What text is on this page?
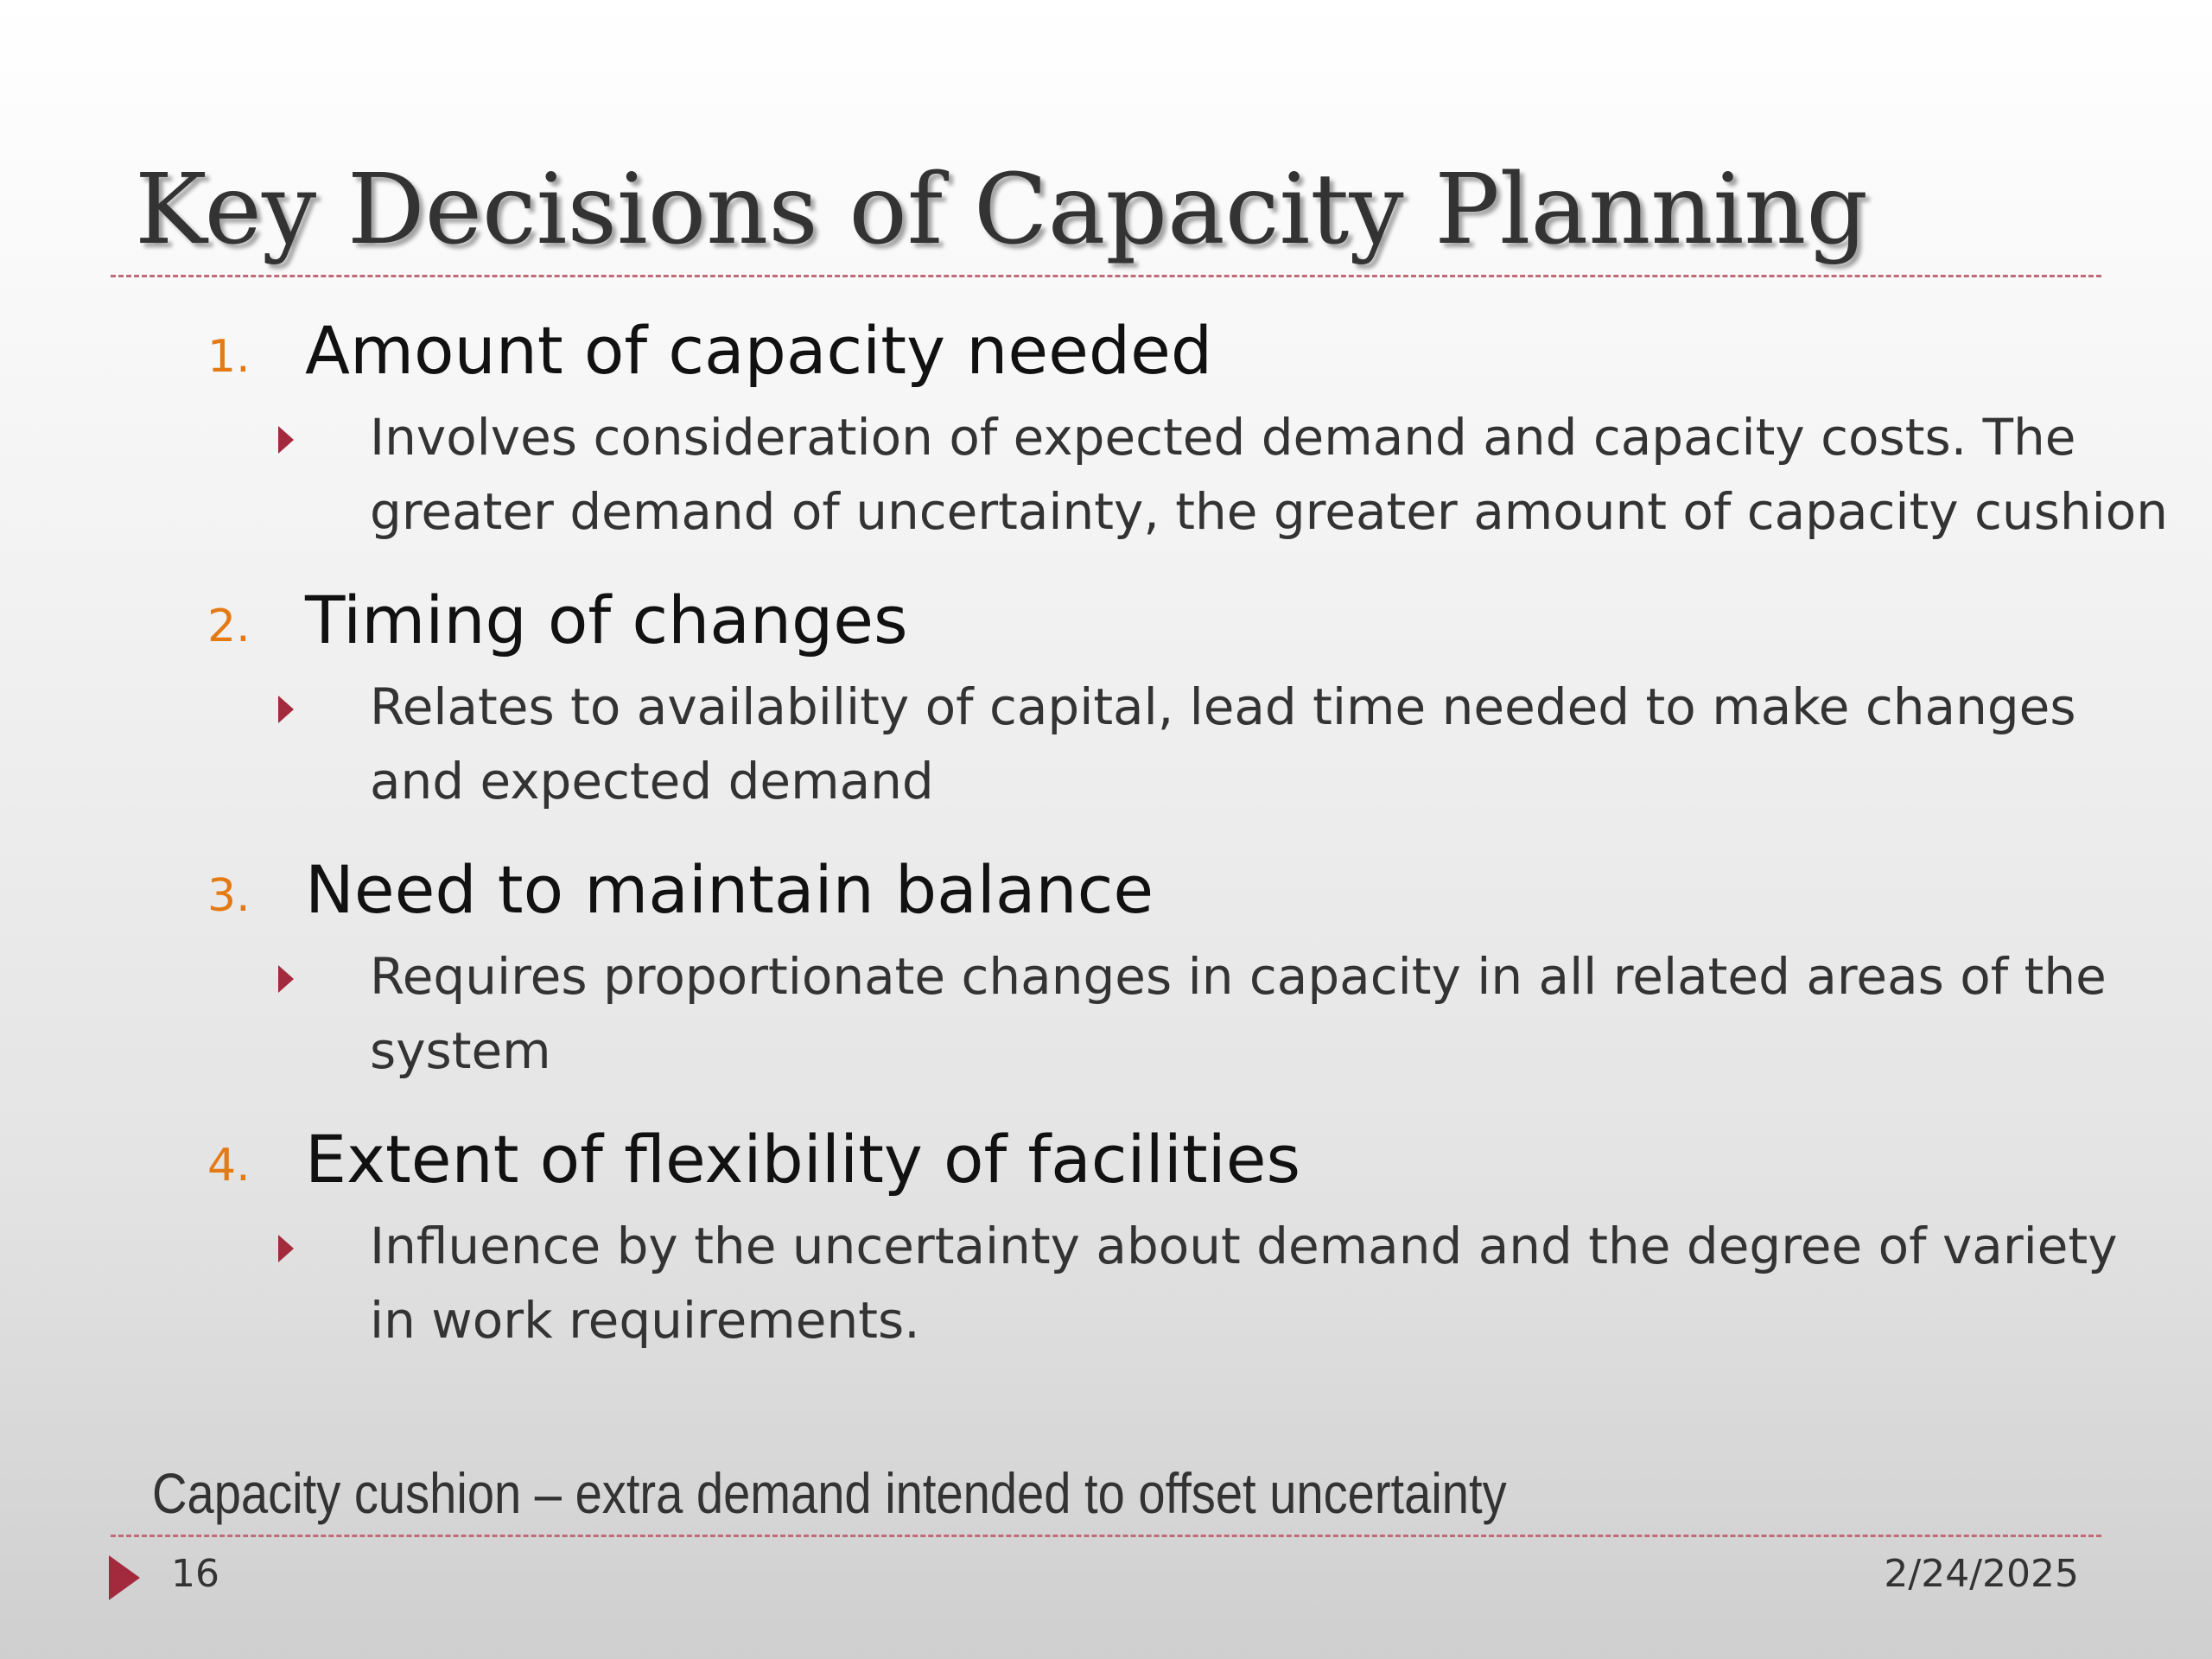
Key Decisions of Capacity Planning
1. Amount of capacity needed
Involves consideration of expected demand and capacity costs. The greater demand of uncertainty, the greater amount of capacity cushion
2. Timing of changes
Relates to availability of capital, lead time needed to make changes and expected demand
3. Need to maintain balance
Requires proportionate changes in capacity in all related areas of the system
4. Extent of flexibility of facilities
Influence by the uncertainty about demand and the degree of variety in work requirements.
Capacity cushion – extra demand intended to offset uncertainty
16	2/24/2025
